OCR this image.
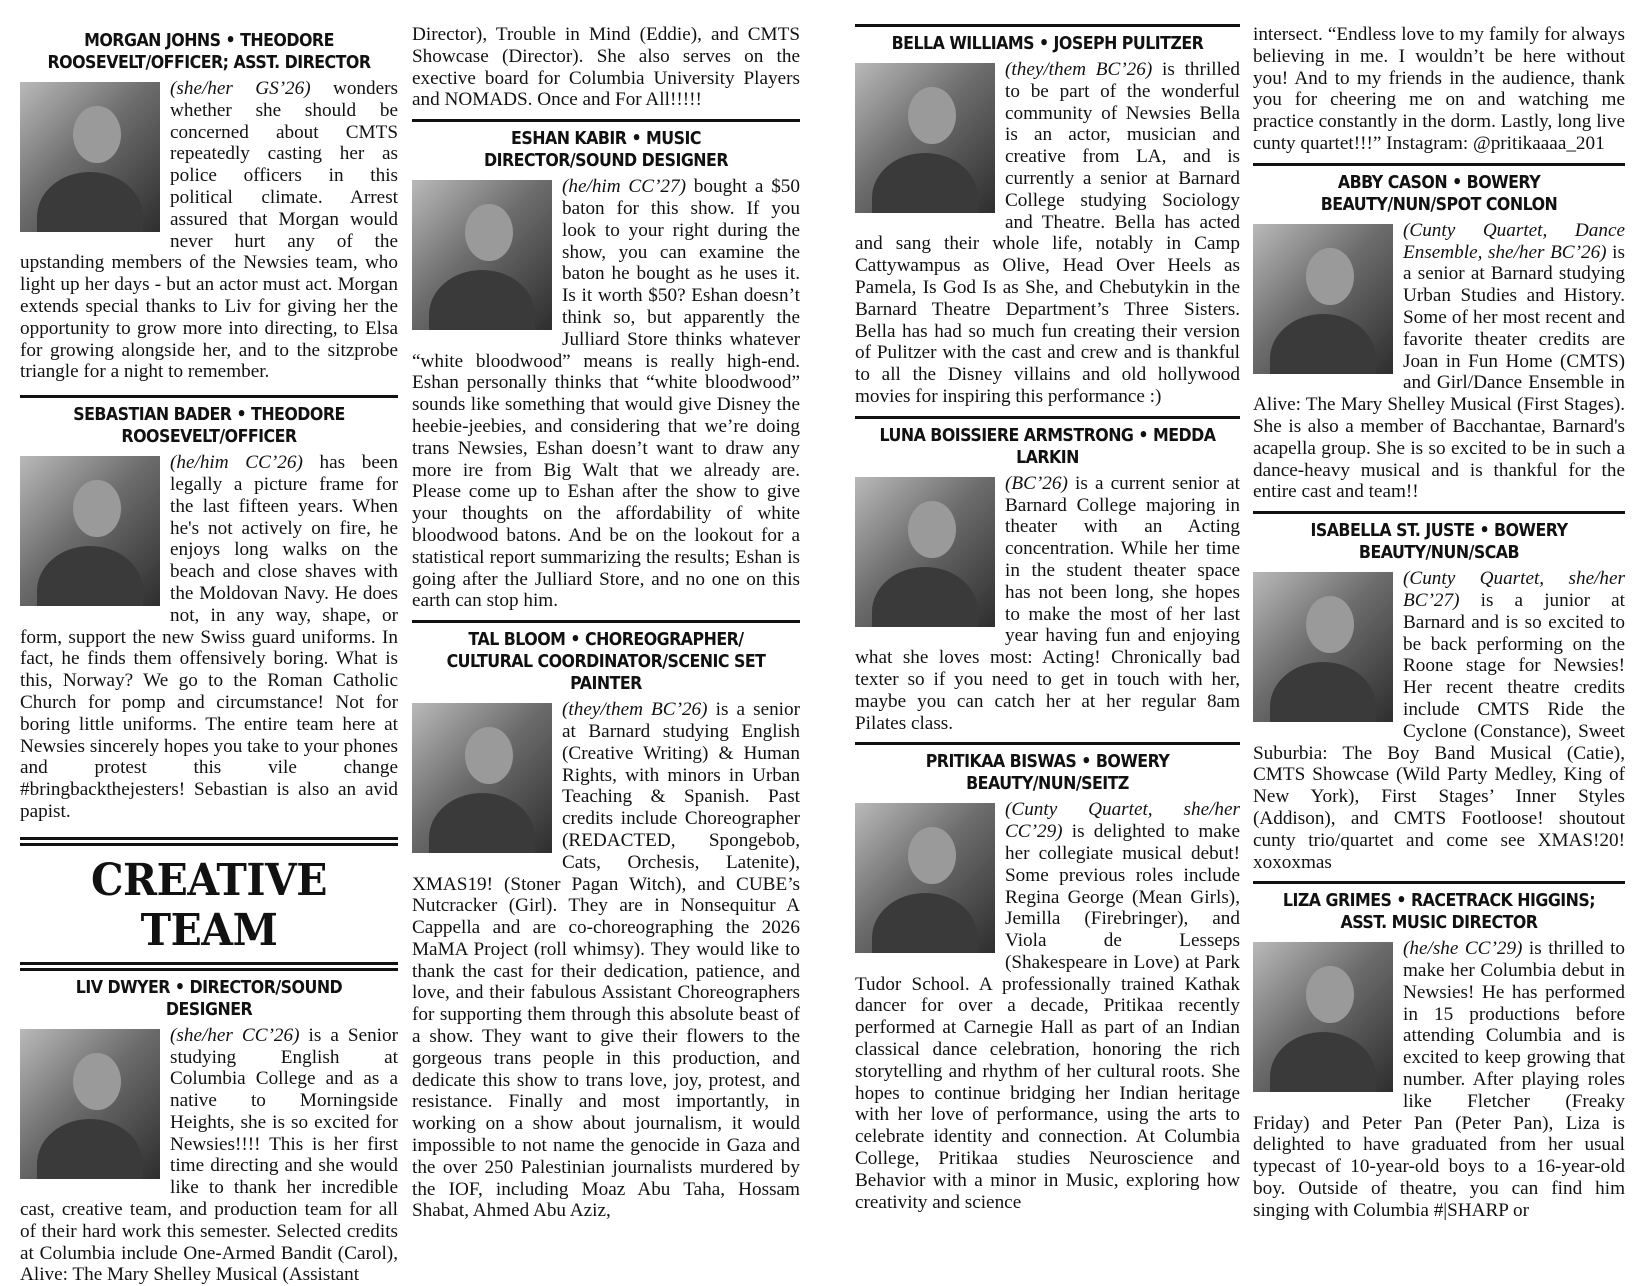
MORGAN JOHNS • THEODORE ROOSEVELT/OFFICER; ASST. DIRECTOR
(she/her GS’26) wonders whether she should be concerned about CMTS repeatedly casting her as police officers in this political climate. Arrest assured that Morgan would never hurt any of the upstanding members of the Newsies team, who light up her days - but an actor must act. Morgan extends special thanks to Liv for giving her the opportunity to grow more into directing, to Elsa for growing alongside her, and to the sitzprobe triangle for a night to remember.
SEBASTIAN BADER • THEODORE ROOSEVELT/OFFICER
(he/him CC’26) has been legally a picture frame for the last fifteen years. When he's not actively on fire, he enjoys long walks on the beach and close shaves with the Moldovan Navy. He does not, in any way, shape, or form, support the new Swiss guard uniforms. In fact, he finds them offensively boring. What is this, Norway? We go to the Roman Catholic Church for pomp and circumstance! Not for boring little uniforms. The entire team here at Newsies sincerely hopes you take to your phones and protest this vile change #bringbackthejesters! Sebastian is also an avid papist.
CREATIVE TEAM
LIV DWYER • DIRECTOR/SOUND DESIGNER
(she/her CC’26) is a Senior studying English at Columbia College and as a native to Morningside Heights, she is so excited for Newsies!!!! This is her first time directing and she would like to thank her incredible cast, creative team, and production team for all of their hard work this semester. Selected credits at Columbia include One-Armed Bandit (Carol), Alive: The Mary Shelley Musical (Assistant
Director), Trouble in Mind (Eddie), and CMTS Showcase (Director). She also serves on the exective board for Columbia University Players and NOMADS. Once and For All!!!!!
ESHAN KABIR • MUSIC DIRECTOR/SOUND DESIGNER
(he/him CC’27) bought a $50 baton for this show. If you look to your right during the show, you can examine the baton he bought as he uses it. Is it worth $50? Eshan doesn’t think so, but apparently the Julliard Store thinks whatever “white bloodwood” means is really high-end. Eshan personally thinks that “white bloodwood” sounds like something that would give Disney the heebie-jeebies, and considering that we’re doing trans Newsies, Eshan doesn’t want to draw any more ire from Big Walt that we already are. Please come up to Eshan after the show to give your thoughts on the affordability of white bloodwood batons. And be on the lookout for a statistical report summarizing the results; Eshan is going after the Julliard Store, and no one on this earth can stop him.
TAL BLOOM • CHOREOGRAPHER/ CULTURAL COORDINATOR/SCENIC SET PAINTER
(they/them BC’26) is a senior at Barnard studying English (Creative Writing) & Human Rights, with minors in Urban Teaching & Spanish. Past credits include Choreographer (REDACTED, Spongebob, Cats, Orchesis, Latenite), XMAS19! (Stoner Pagan Witch), and CUBE’s Nutcracker (Girl). They are in Nonsequitur A Cappella and are co-choreographing the 2026 MaMA Project (roll whimsy). They would like to thank the cast for their dedication, patience, and love, and their fabulous Assistant Choreographers for supporting them through this absolute beast of a show. They want to give their flowers to the gorgeous trans people in this production, and dedicate this show to trans love, joy, protest, and resistance. Finally and most importantly, in working on a show about journalism, it would impossible to not name the genocide in Gaza and the over 250 Palestinian journalists murdered by the IOF, including Moaz Abu Taha, Hossam Shabat, Ahmed Abu Aziz,
BELLA WILLIAMS • JOSEPH PULITZER
(they/them BC’26) is thrilled to be part of the wonderful community of Newsies Bella is an actor, musician and creative from LA, and is currently a senior at Barnard College studying Sociology and Theatre. Bella has acted and sang their whole life, notably in Camp Cattywampus as Olive, Head Over Heels as Pamela, Is God Is as She, and Chebutykin in the Barnard Theatre Department’s Three Sisters. Bella has had so much fun creating their version of Pulitzer with the cast and crew and is thankful to all the Disney villains and old hollywood movies for inspiring this performance :)
LUNA BOISSIERE ARMSTRONG • MEDDA LARKIN
(BC’26) is a current senior at Barnard College majoring in theater with an Acting concentration. While her time in the student theater space has not been long, she hopes to make the most of her last year having fun and enjoying what she loves most: Acting! Chronically bad texter so if you need to get in touch with her, maybe you can catch her at her regular 8am Pilates class.
PRITIKAA BISWAS • BOWERY BEAUTY/NUN/SEITZ
(Cunty Quartet, she/her CC’29) is delighted to make her collegiate musical debut! Some previous roles include Regina George (Mean Girls), Jemilla (Firebringer), and Viola de Lesseps (Shakespeare in Love) at Park Tudor School. A professionally trained Kathak dancer for over a decade, Pritikaa recently performed at Carnegie Hall as part of an Indian classical dance celebration, honoring the rich storytelling and rhythm of her cultural roots. She hopes to continue bridging her Indian heritage with her love of performance, using the arts to celebrate identity and connection. At Columbia College, Pritikaa studies Neuroscience and Behavior with a minor in Music, exploring how creativity and science
intersect. “Endless love to my family for always believing in me. I wouldn’t be here without you! And to my friends in the audience, thank you for cheering me on and watching me practice constantly in the dorm. Lastly, long live cunty quartet!!!” Instagram: @pritikaaaa_201
ABBY CASON • BOWERY BEAUTY/NUN/SPOT CONLON
(Cunty Quartet, Dance Ensemble, she/her BC’26) is a senior at Barnard studying Urban Studies and History. Some of her most recent and favorite theater credits are Joan in Fun Home (CMTS) and Girl/Dance Ensemble in Alive: The Mary Shelley Musical (First Stages). She is also a member of Bacchantae, Barnard's acapella group. She is so excited to be in such a dance-heavy musical and is thankful for the entire cast and team!!
ISABELLA ST. JUSTE • BOWERY BEAUTY/NUN/SCAB
(Cunty Quartet, she/her BC’27) is a junior at Barnard and is so excited to be back performing on the Roone stage for Newsies! Her recent theatre credits include CMTS Ride the Cyclone (Constance), Sweet Suburbia: The Boy Band Musical (Catie), CMTS Showcase (Wild Party Medley, King of New York), First Stages’ Inner Styles (Addison), and CMTS Footloose! shoutout cunty trio/quartet and come see XMAS!20! xoxoxmas
LIZA GRIMES • RACETRACK HIGGINS; ASST. MUSIC DIRECTOR
(he/she CC’29) is thrilled to make her Columbia debut in Newsies! He has performed in 15 productions before attending Columbia and is excited to keep growing that number. After playing roles like Fletcher (Freaky Friday) and Peter Pan (Peter Pan), Liza is delighted to have graduated from her usual typecast of 10-year-old boys to a 16-year-old boy. Outside of theatre, you can find him singing with Columbia #|SHARP or
